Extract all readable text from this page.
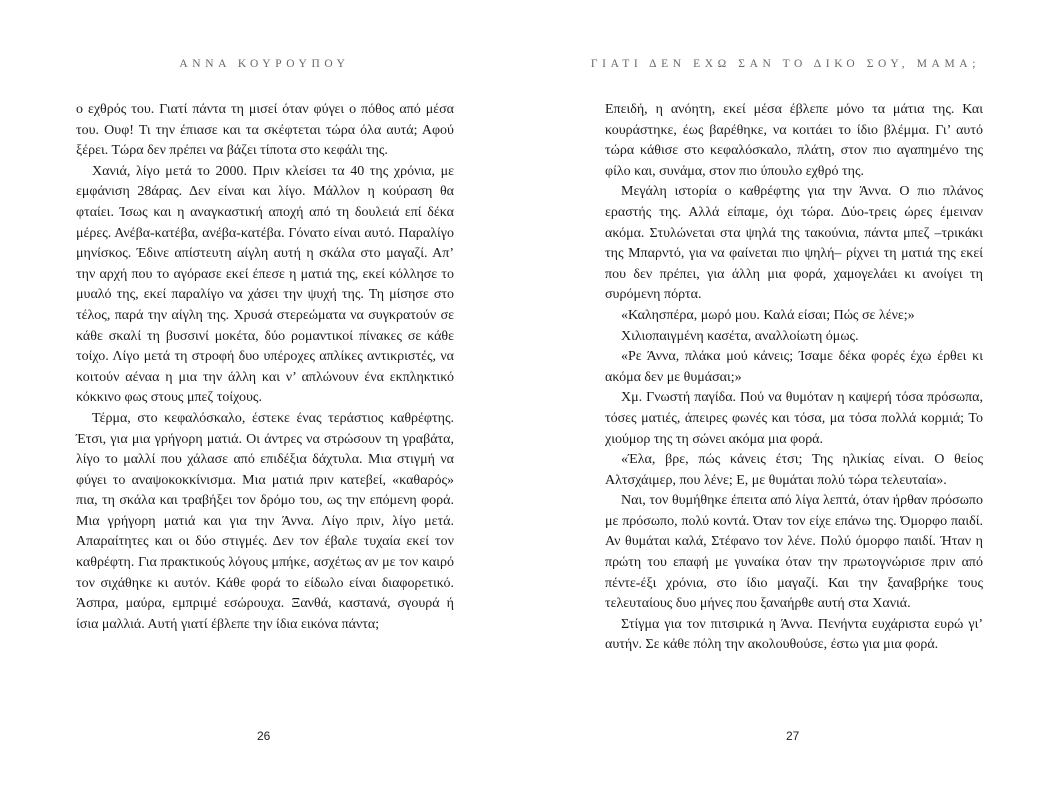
ΑΝΝΑ ΚΟΥΡΟΥΠΟΥ

ο εχθρός του. Γιατί πάντα τη μισεί όταν φύγει ο πόθος από μέσα του. Ουφ! Τι την έπιασε και τα σκέφτεται τώρα όλα αυτά; Αφού ξέρει. Τώρα δεν πρέπει να βάζει τίποτα στο κεφάλι της.

Χανιά, λίγο μετά το 2000. Πριν κλείσει τα 40 της χρόνια, με εμφάνιση 28άρας. Δεν είναι και λίγο. Μάλλον η κούραση θα φταίει. Ίσως και η αναγκαστική αποχή από τη δουλειά επί δέκα μέρες. Ανέβα-κατέβα, ανέβα-κατέβα. Γόνατο είναι αυτό. Παραλίγο μηνίσκος. Έδινε απίστευτη αίγλη αυτή η σκάλα στο μαγαζί. Απ’ την αρχή που το αγόρασε εκεί έπεσε η ματιά της, εκεί κόλλησε το μυαλό της, εκεί παραλίγο να χάσει την ψυχή της. Τη μίσησε στο τέλος, παρά την αίγλη της. Χρυσά στερεώματα να συγκρατούν σε κάθε σκαλί τη βυσσινί μοκέτα, δύο ρομαντικοί πίνακες σε κάθε τοίχο. Λίγο μετά τη στροφή δυο υπέροχες απλίκες αντικριστές, να κοιτούν αέναα η μια την άλλη και ν’ απλώνουν ένα εκπληκτικό κόκκινο φως στους μπεζ τοίχους.

Τέρμα, στο κεφαλόσκαλο, έστεκε ένας τεράστιος καθρέφτης. Έτσι, για μια γρήγορη ματιά. Οι άντρες να στρώσουν τη γραβάτα, λίγο το μαλλί που χάλασε από επιδέξια δάχτυλα. Μια στιγμή να φύγει το αναψοκοκκίνισμα. Μια ματιά πριν κατεβεί, «καθαρός» πια, τη σκάλα και τραβήξει τον δρόμο του, ως την επόμενη φορά. Μια γρήγορη ματιά και για την Άννα. Λίγο πριν, λίγο μετά. Απαραίτητες και οι δύο στιγμές. Δεν τον έβαλε τυχαία εκεί τον καθρέφτη. Για πρακτικούς λόγους μπήκε, ασχέτως αν με τον καιρό τον σιχάθηκε κι αυτόν. Κάθε φορά το είδωλο είναι διαφορετικό. Άσπρα, μαύρα, εμπριμέ εσώρουχα. Ξανθά, καστανά, σγουρά ή ίσια μαλλιά. Αυτή γιατί έβλεπε την ίδια εικόνα πάντα;

26
ΓΙΑΤΙ ΔΕΝ ΕΧΩ ΣΑΝ ΤΟ ΔΙΚΟ ΣΟΥ, ΜΑΜΑ;

Επειδή, η ανόητη, εκεί μέσα έβλεπε μόνο τα μάτια της. Και κουράστηκε, έως βαρέθηκε, να κοιτάει το ίδιο βλέμμα. Γι’ αυτό τώρα κάθισε στο κεφαλόσκαλο, πλάτη, στον πιο αγαπημένο της φίλο και, συνάμα, στον πιο ύπουλο εχθρό της.

Μεγάλη ιστορία ο καθρέφτης για την Άννα. Ο πιο πλάνος εραστής της. Αλλά είπαμε, όχι τώρα. Δύο-τρεις ώρες έμειναν ακόμα. Στυλώνεται στα ψηλά της τακούνια, πάντα μπεζ –τρικάκι της Μπαρντό, για να φαίνεται πιο ψηλή– ρίχνει τη ματιά της εκεί που δεν πρέπει, για άλλη μια φορά, χαμογελάει κι ανοίγει τη συρόμενη πόρτα.

«Καλησπέρα, μωρό μου. Καλά είσαι; Πώς σε λένε;»

Χιλιοπαιγμένη κασέτα, αναλλοίωτη όμως.

«Ρε Άννα, πλάκα μού κάνεις; Ίσαμε δέκα φορές έχω έρθει κι ακόμα δεν με θυμάσαι;»

Χμ. Γνωστή παγίδα. Πού να θυμόταν η καψερή τόσα πρόσωπα, τόσες ματιές, άπειρες φωνές και τόσα, μα τόσα πολλά κορμιά; Το χιούμορ της τη σώνει ακόμα μια φορά.

«Έλα, βρε, πώς κάνεις έτσι; Της ηλικίας είναι. Ο θείος Αλτσχάιμερ, που λένε; Ε, με θυμάται πολύ τώρα τελευταία».

Ναι, τον θυμήθηκε έπειτα από λίγα λεπτά, όταν ήρθαν πρόσωπο με πρόσωπο, πολύ κοντά. Όταν τον είχε επάνω της. Όμορφο παιδί. Αν θυμάται καλά, Στέφανο τον λένε. Πολύ όμορφο παιδί. Ήταν η πρώτη του επαφή με γυναίκα όταν την πρωτογνώρισε πριν από πέντε-έξι χρόνια, στο ίδιο μαγαζί. Και την ξαναβρήκε τους τελευταίους δυο μήνες που ξαναήρθε αυτή στα Χανιά.

Στίγμα για τον πιτσιρικά η Άννα. Πενήντα ευχάριστα ευρώ γι’ αυτήν. Σε κάθε πόλη την ακολουθούσε, έστω για μια φορά.

27
